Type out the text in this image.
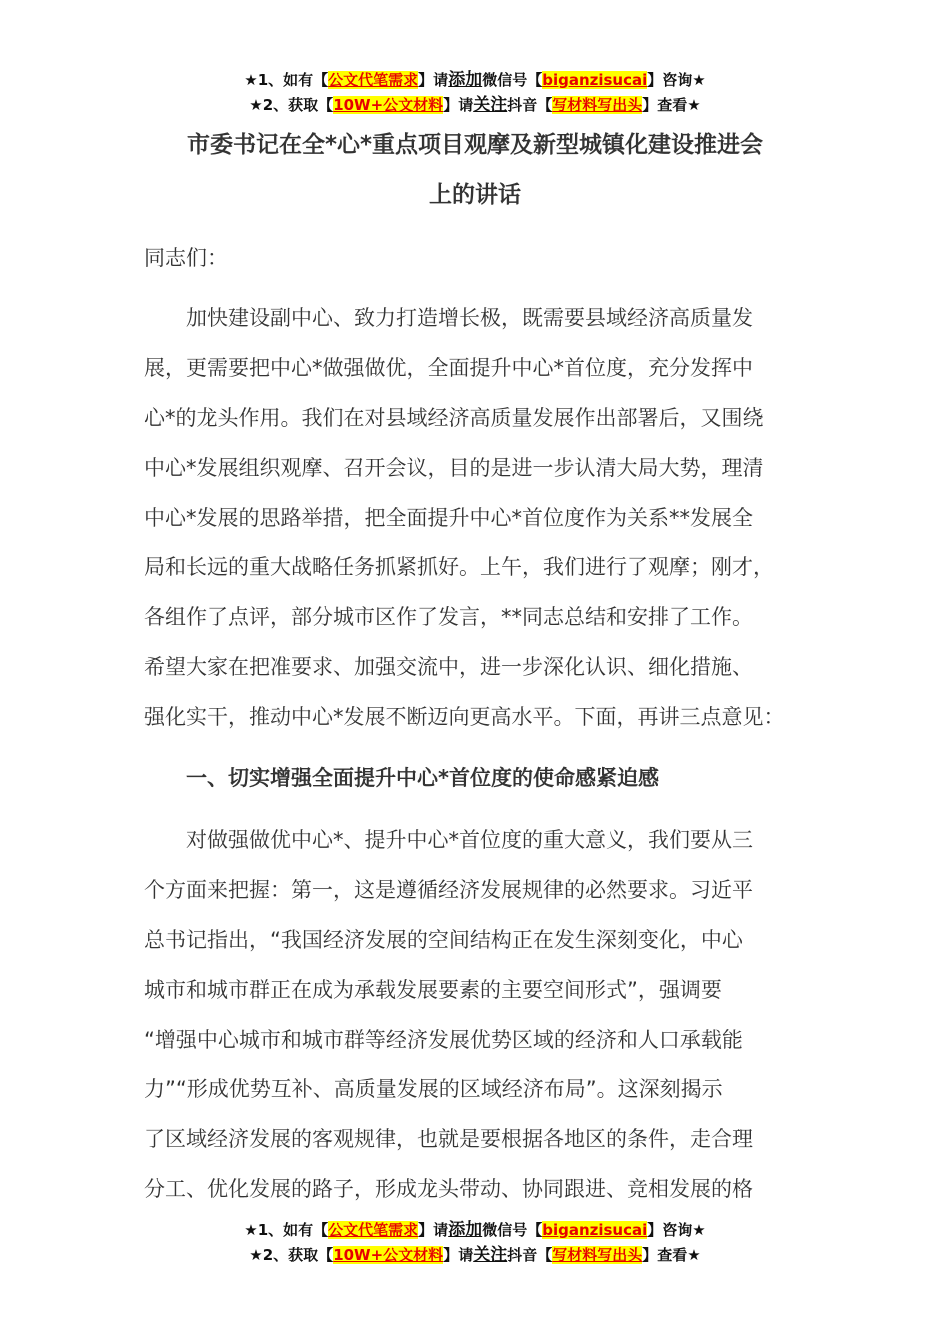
★1、如有【公文代笔需求】请添加微信号【biganzisucai】咨询★
★2、获取【10W+公文材料】请关注抖音【写材料写出头】查看★
市委书记在全*心*重点项目观摩及新型城镇化建设推进会
上的讲话
同志们：
　　加快建设副中心、致力打造增长极，既需要县域经济高质量发
展，更需要把中心*做强做优，全面提升中心*首位度，充分发挥中
心*的龙头作用。我们在对县域经济高质量发展作出部署后，又围绕
中心*发展组织观摩、召开会议，目的是进一步认清大局大势，理清
中心*发展的思路举措，把全面提升中心*首位度作为关系**发展全
局和长远的重大战略任务抓紧抓好。上午，我们进行了观摩；刚才，
各组作了点评，部分城市区作了发言，**同志总结和安排了工作。
希望大家在把准要求、加强交流中，进一步深化认识、细化措施、
强化实干，推动中心*发展不断迈向更高水平。下面，再讲三点意见：
　　一、切实增强全面提升中心*首位度的使命感紧迫感
　　对做强做优中心*、提升中心*首位度的重大意义，我们要从三
个方面来把握：第一，这是遵循经济发展规律的必然要求。习近平
总书记指出，“我国经济发展的空间结构正在发生深刻变化，中心
城市和城市群正在成为承载发展要素的主要空间形式”，强调要
“增强中心城市和城市群等经济发展优势区域的经济和人口承载能
力”“形成优势互补、高质量发展的区域经济布局”。这深刻揭示
了区域经济发展的客观规律，也就是要根据各地区的条件，走合理
分工、优化发展的路子，形成龙头带动、协同跟进、竞相发展的格
★1、如有【公文代笔需求】请添加微信号【biganzisucai】咨询★
★2、获取【10W+公文材料】请关注抖音【写材料写出头】查看★
